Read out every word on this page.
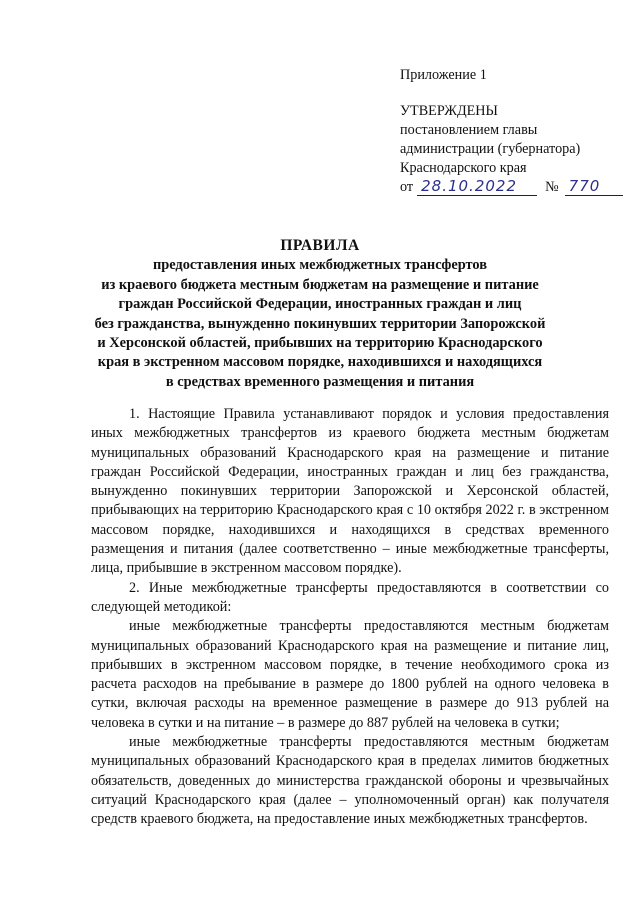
Приложение 1
УТВЕРЖДЕНЫ
постановлением главы
администрации (губернатора)
Краснодарского края
от 28.10.2022	№ 770
ПРАВИЛА
предоставления иных межбюджетных трансфертов
из краевого бюджета местным бюджетам на размещение и питание
граждан Российской Федерации, иностранных граждан и лиц
без гражданства, вынужденно покинувших территории Запорожской
и Херсонской областей, прибывших на территорию Краснодарского
края в экстренном массовом порядке, находившихся и находящихся
в средствах временного размещения и питания

1. Настоящие Правила устанавливают порядок и условия предоставления иных межбюджетных трансфертов из краевого бюджета местным бюджетам муниципальных образований Краснодарского края на размещение и питание граждан Российской Федерации, иностранных граждан и лиц без гражданства, вынужденно покинувших территории Запорожской и Херсонской областей, прибывающих на территорию Краснодарского края с 10 октября 2022 г. в экстренном массовом порядке, находившихся и находящихся в средствах временного размещения и питания (далее соответственно – иные межбюджетные трансферты, лица, прибывшие в экстренном массовом порядке).

2. Иные межбюджетные трансферты предоставляются в соответствии со следующей методикой:

иные межбюджетные трансферты предоставляются местным бюджетам муниципальных образований Краснодарского края на размещение и питание лиц, прибывших в экстренном массовом порядке, в течение необходимого срока из расчета расходов на пребывание в размере до 1800 рублей на одного человека в сутки, включая расходы на временное размещение в размере до 913 рублей на человека в сутки и на питание – в размере до 887 рублей на человека в сутки;

иные межбюджетные трансферты предоставляются местным бюджетам муниципальных образований Краснодарского края в пределах лимитов бюджетных обязательств, доведенных до министерства гражданской обороны и чрезвычайных ситуаций Краснодарского края (далее – уполномоченный орган) как получателя средств краевого бюджета, на предоставление иных межбюджетных трансфертов.
